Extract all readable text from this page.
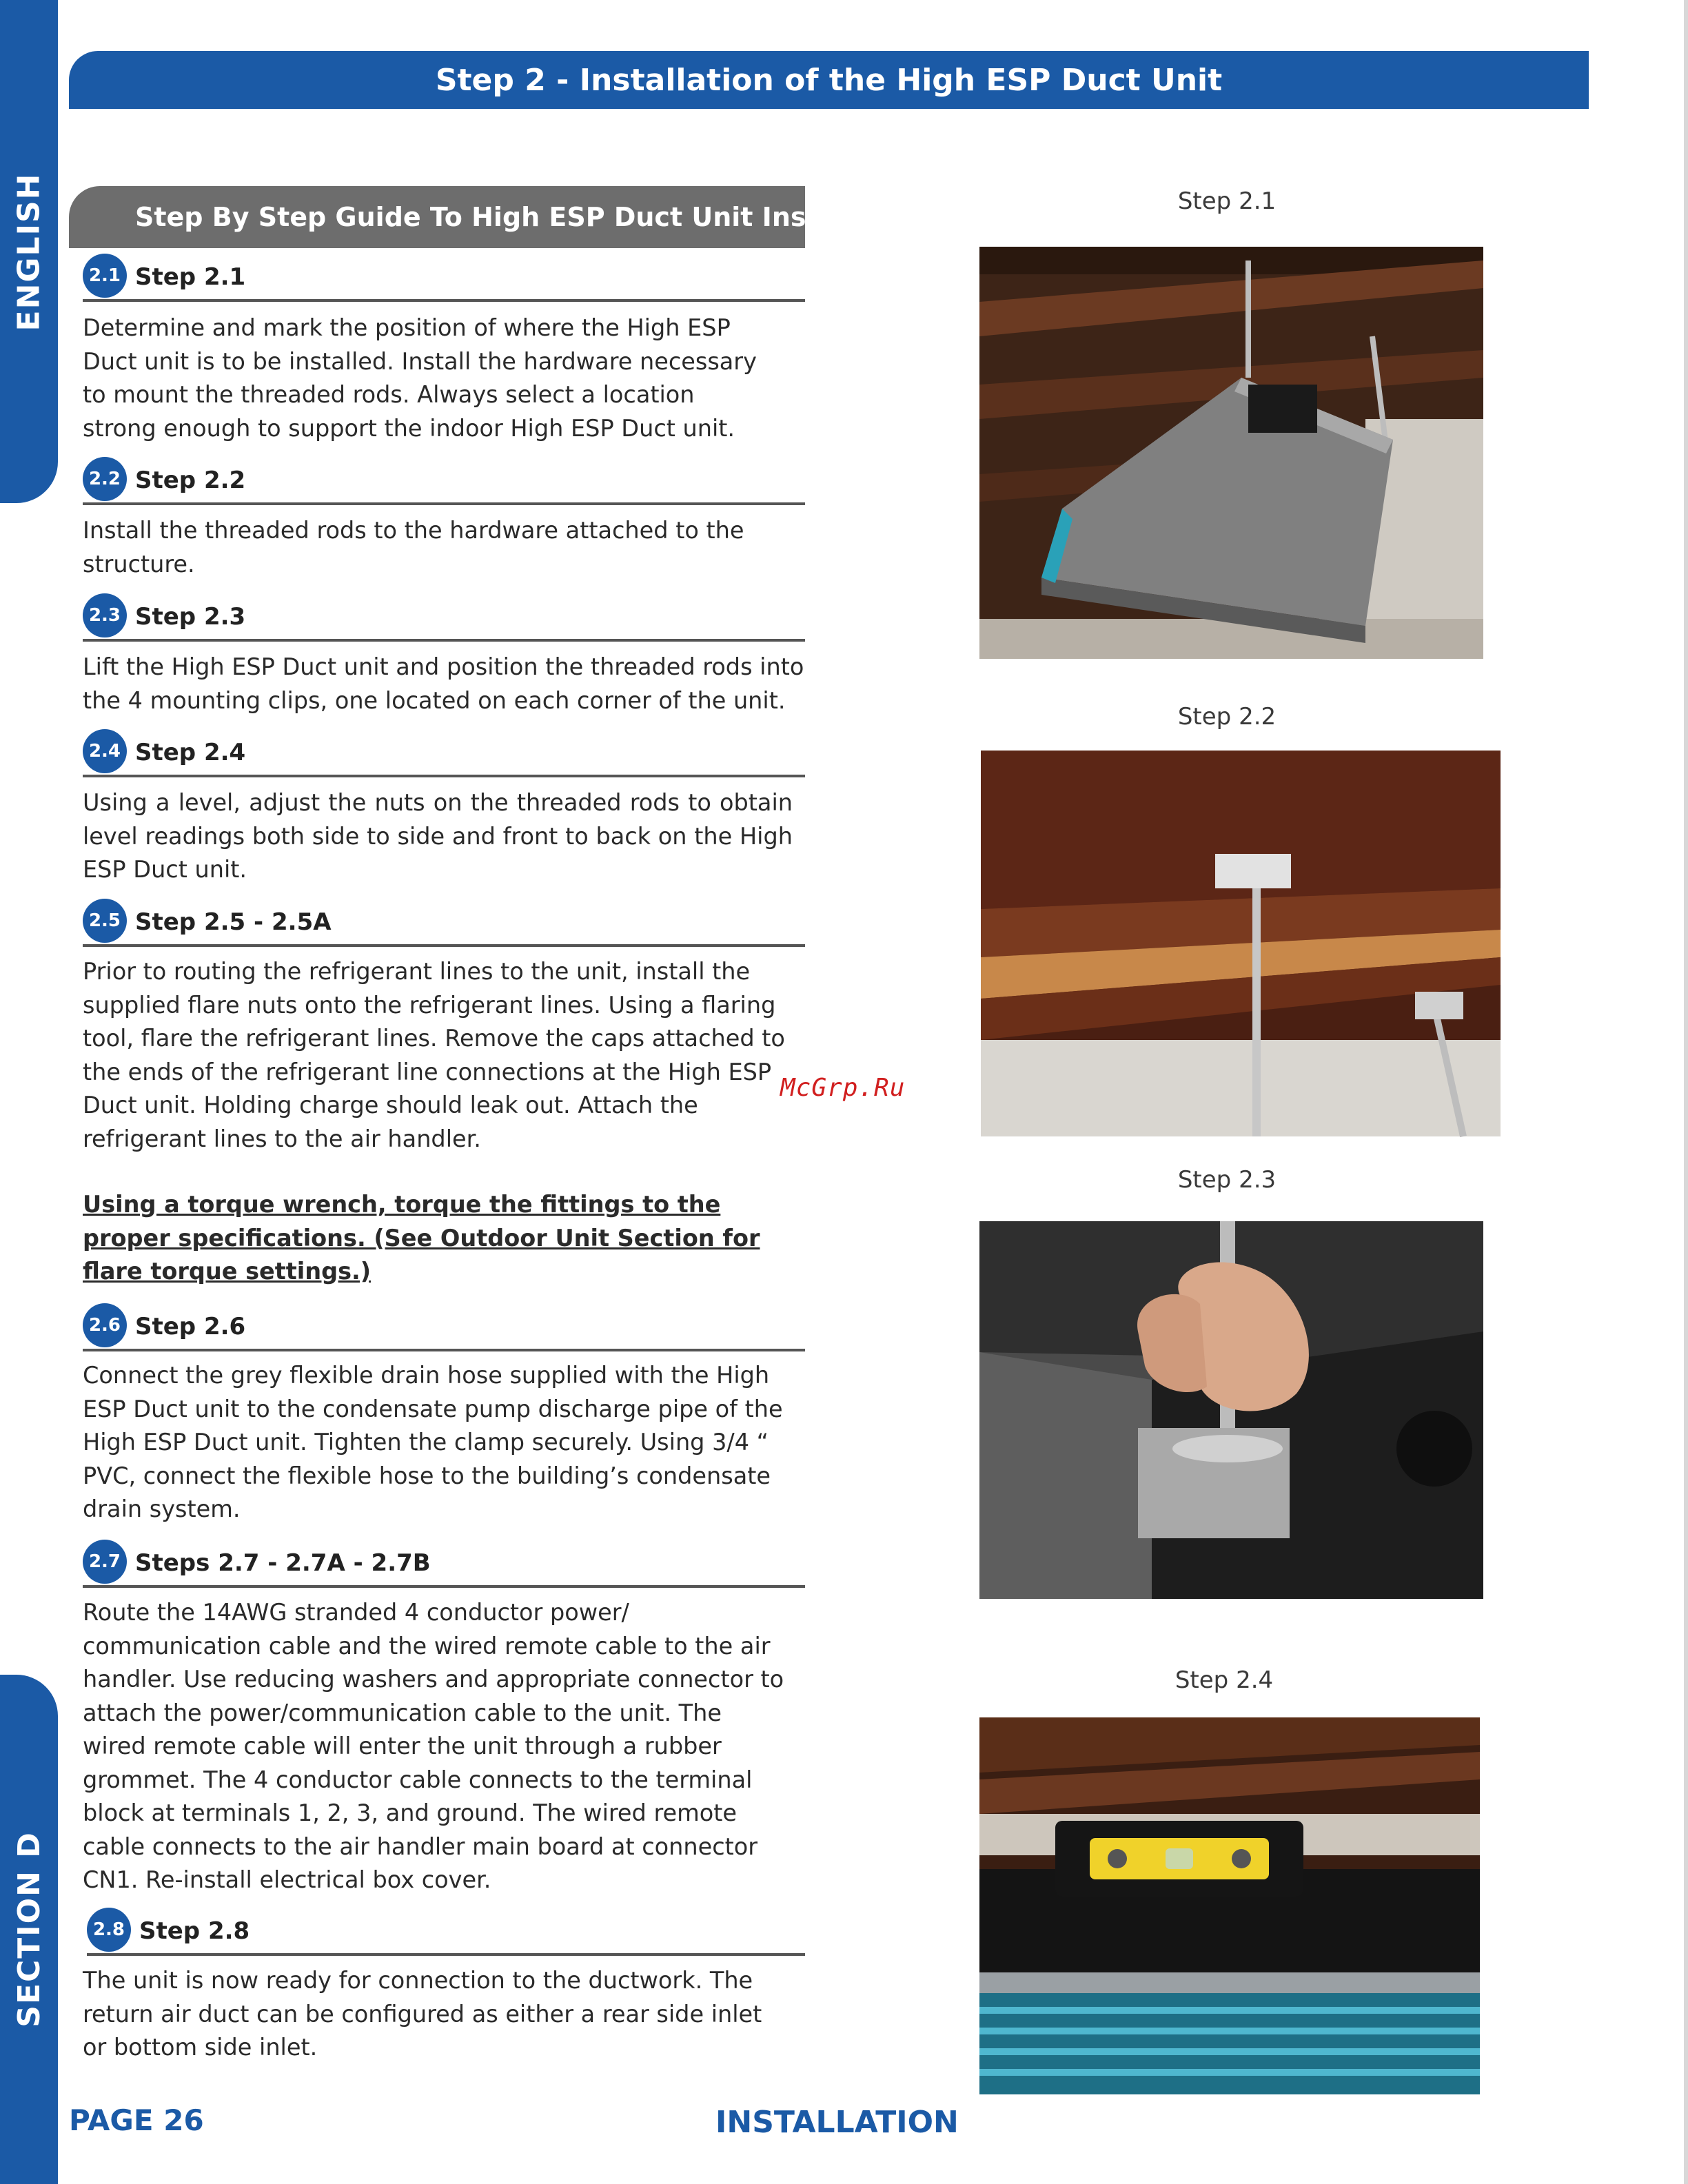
ENGLISH
SECTION D
Step 2 - Installation of the High ESP Duct Unit
Step By Step Guide To High ESP Duct Unit Installation
2.1 Step 2.1

Determine and mark the position of where the High ESP Duct unit is to be installed. Install the hardware necessary to mount the threaded rods. Always select a location strong enough to support the indoor High ESP Duct unit.

2.2 Step 2.2

Install the threaded rods to the hardware attached to the structure.

2.3 Step 2.3

Lift the High ESP Duct unit and position the threaded rods into the 4 mounting clips, one located on each corner of the unit.

2.4 Step 2.4

Using a level, adjust the nuts on the threaded rods to obtain level readings both side to side and front to back on the High ESP Duct unit.

2.5 Step 2.5 - 2.5A

Prior to routing the refrigerant lines to the unit, install the supplied flare nuts onto the refrigerant lines. Using a flaring tool, flare the refrigerant lines. Remove the caps attached to the ends of the refrigerant line connections at the High ESP Duct unit. Holding charge should leak out. Attach the refrigerant lines to the air handler.

Using a torque wrench, torque the fittings to the proper specifications. (See Outdoor Unit Section for flare torque settings.)

2.6 Step 2.6

Connect the grey flexible drain hose supplied with the High ESP Duct unit to the condensate pump discharge pipe of the High ESP Duct unit. Tighten the clamp securely. Using 3/4 “ PVC, connect the flexible hose to the building’s condensate drain system.

2.7 Steps 2.7 - 2.7A - 2.7B

Route the 14AWG stranded 4 conductor power/ communication cable and the wired remote cable to the air handler. Use reducing washers and appropriate connector to attach the power/communication cable to the unit. The wired remote cable will enter the unit through a rubber grommet. The 4 conductor cable connects to the terminal block at terminals 1, 2, 3, and ground. The wired remote cable connects to the air handler main board at connector CN1. Re-install electrical box cover.

2.8 Step 2.8

The unit is now ready for connection to the ductwork. The return air duct can be configured as either a rear side inlet or bottom side inlet.

McGrp.Ru
Step 2.1
Step 2.2
Step 2.3
Step 2.4
PAGE 26	INSTALLATION
